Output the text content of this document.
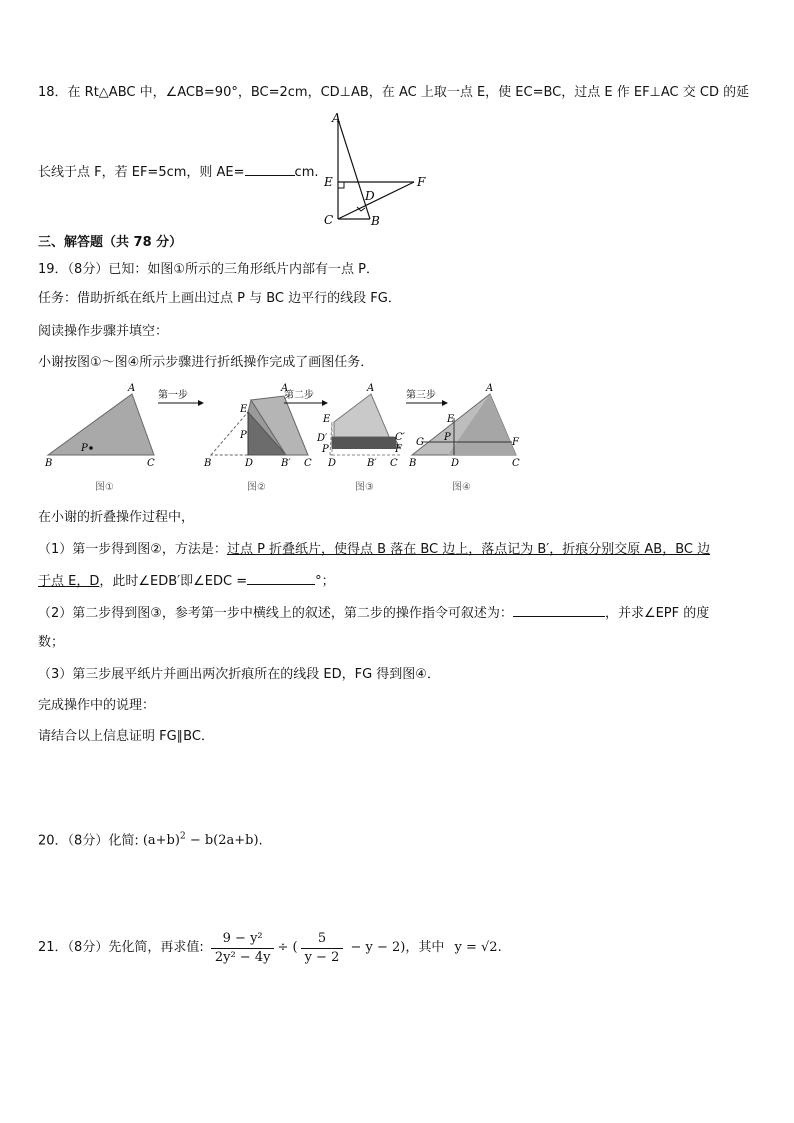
18．在 Rt△ABC 中，∠ACB=90°，BC=2cm，CD⊥AB，在 AC 上取一点 E，使 EC=BC，过点 E 作 EF⊥AC 交 CD 的延
长线于点 F，若 EF=5cm，则 AE=	cm.
A
E	F
D
C	B
三、解答题（共 78 分）
19．（8分）已知：如图①所示的三角形纸片内部有一点 P．
任务：借助折纸在纸片上画出过点 P 与 BC 边平行的线段 FG．
阅读操作步骤并填空：
小谢按图①～图④所示步骤进行折纸操作完成了画图任务．
A
P
B	C
第一步
A
E
P
B	D	B′ C
第二步
A
E
D′
P
C′
F
D	B′ C
第三步
A
E
G P	F
B	D	C
图①	图②	图③	图④
在小谢的折叠操作过程中，
（1）第一步得到图②，方法是：过点 P 折叠纸片，使得点 B 落在 BC 边上，落点记为 B′，折痕分别交原 AB，BC 边
于点 E，D，此时∠EDB′即∠EDC =	°；
（2）第二步得到图③，参考第一步中横线上的叙述，第二步的操作指令可叙述为：	，并求∠EPF 的度
数；
（3）第三步展平纸片并画出两次折痕所在的线段 ED，FG 得到图④．
完成操作中的说理：
请结合以上信息证明 FG∥BC．
20．（8分）化简: $(a+b)^2 - b(2a+b)$.
21．（8分）先化简，再求值: $\frac{\text{9 − y²}}{\text{2y² − 4y}}$ ÷ ( $\frac{5}{y - 2} - y - 2$)，其中 y = √2.
